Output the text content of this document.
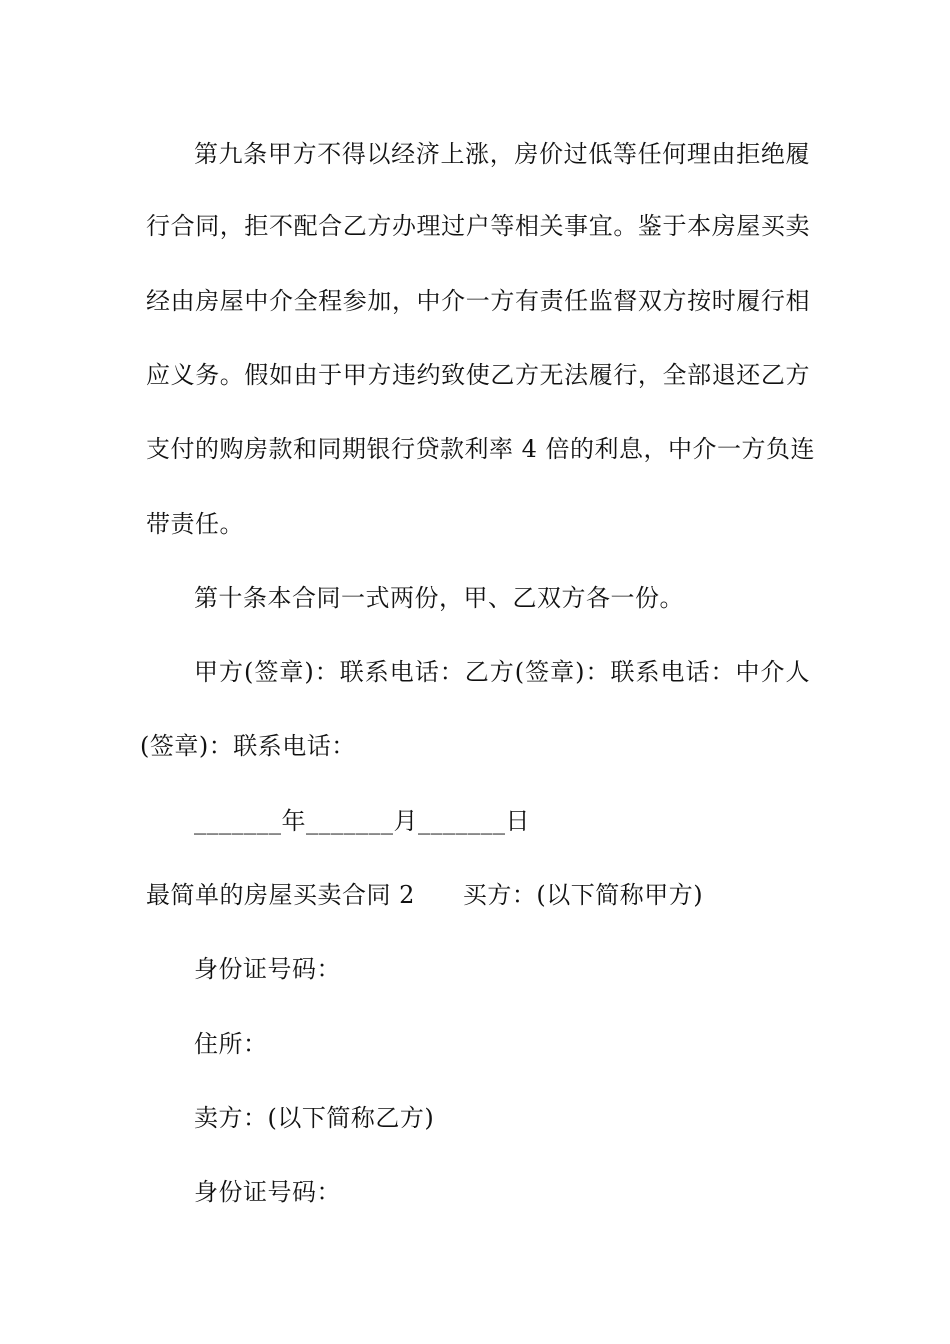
第九条甲方不得以经济上涨，房价过低等任何理由拒绝履
行合同，拒不配合乙方办理过户等相关事宜。鉴于本房屋买卖
经由房屋中介全程参加，中介一方有责任监督双方按时履行相
应义务。假如由于甲方违约致使乙方无法履行，全部退还乙方
支付的购房款和同期银行贷款利率 4 倍的利息，中介一方负连
带责任。
第十条本合同一式两份，甲、乙双方各一份。
甲方(签章)：联系电话：乙方(签章)：联系电话：中介人
(签章)：联系电话：
_______年_______月_______日
最简单的房屋买卖合同 2 买方：(以下简称甲方)
身份证号码：
住所：
卖方：(以下简称乙方)
身份证号码：
